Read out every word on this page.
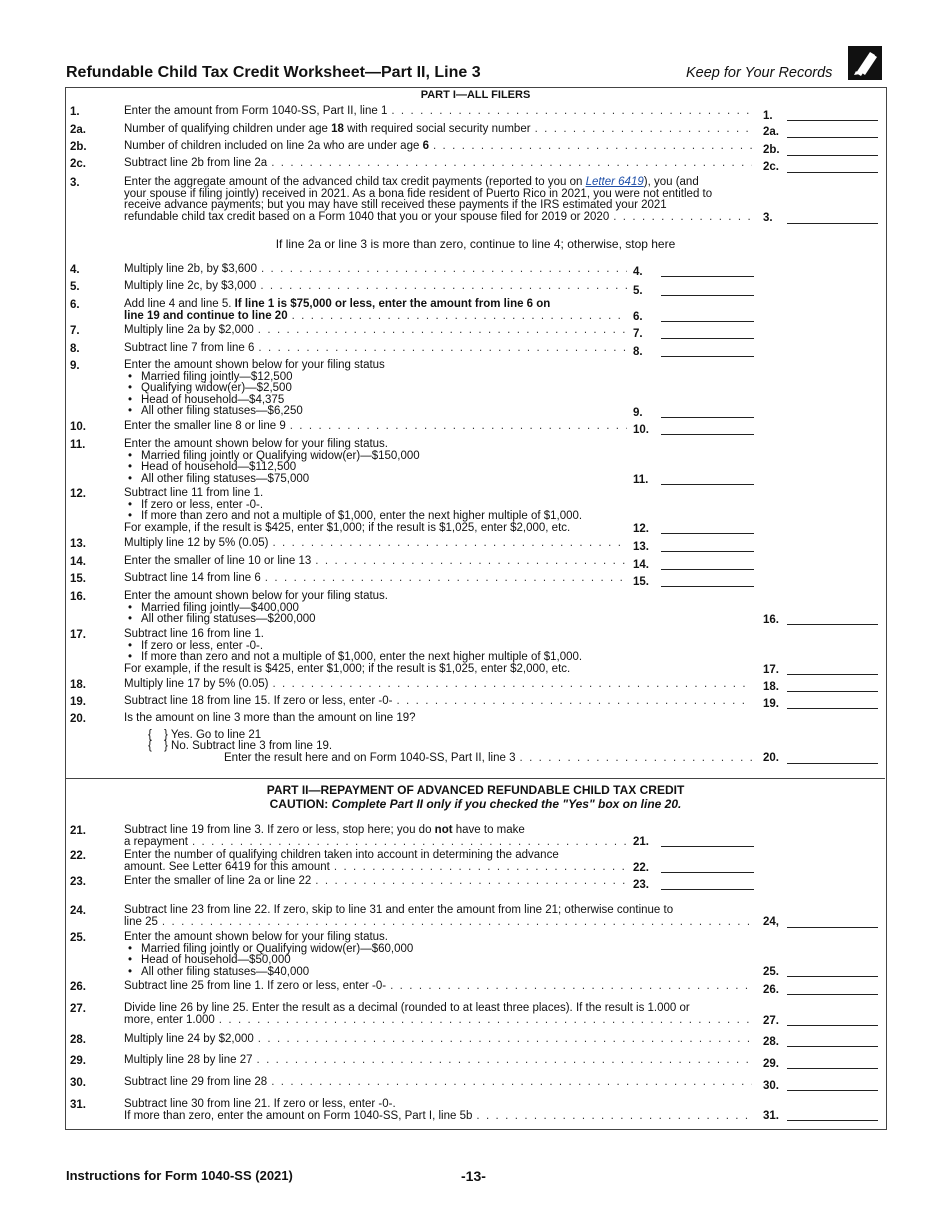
Refundable Child Tax Credit Worksheet—Part II, Line 3	Keep for Your Records
PART I—ALL FILERS
1.	Enter the amount from Form 1040-SS, Part II, line 1 . . .	1.
2a.	Number of qualifying children under age 18 with required social security number . . .	2a.
2b.	Number of children included on line 2a who are under age 6 . . .	2b.
2c.	Subtract line 2b from line 2a . . .	2c.
3.	Enter the aggregate amount of the advanced child tax credit payments (reported to you on Letter 6419), you (and
your spouse if filing jointly) received in 2021. As a bona fide resident of Puerto Rico in 2021, you were not entitled to
receive advance payments; but you may have still received these payments if the IRS estimated your 2021
refundable child tax credit based on a Form 1040 that you or your spouse filed for 2019 or 2020 . . .	3.
If line 2a or line 3 is more than zero, continue to line 4; otherwise, stop here
4.	Multiply line 2b, by $3,600 . . .	4.
5.	Multiply line 2c, by $3,000 . . .	5.
6.	Add line 4 and line 5. If line 1 is $75,000 or less, enter the amount from line 6 on
line 19 and continue to line 20 . . .	6.
7.	Multiply line 2a by $2,000 . . .	7.
8.	Subtract line 7 from line 6 . . .	8.
9.	Enter the amount shown below for your filing status
• Married filing jointly—$12,500
• Qualifying widow(er)—$2,500
• Head of household—$4,375
• All other filing statuses—$6,250	9.
10.	Enter the smaller line 8 or line 9 . . .	10.
11.	Enter the amount shown below for your filing status.
• Married filing jointly or Qualifying widow(er)—$150,000
• Head of household—$112,500
• All other filing statuses—$75,000	11.
12.	Subtract line 11 from line 1.
• If zero or less, enter -0-.
• If more than zero and not a multiple of $1,000, enter the next higher multiple of $1,000.
For example, if the result is $425, enter $1,000; if the result is $1,025, enter $2,000, etc.	12.
13.	Multiply line 12 by 5% (0.05) . . .	13.
14.	Enter the smaller of line 10 or line 13 . . .	14.
15.	Subtract line 14 from line 6 . . .	15.
16.	Enter the amount shown below for your filing status.
• Married filing jointly—$400,000
• All other filing statuses—$200,000	16.
17.	Subtract line 16 from line 1.
• If zero or less, enter -0-.
• If more than zero and not a multiple of $1,000, enter the next higher multiple of $1,000.
For example, if the result is $425, enter $1,000; if the result is $1,025, enter $2,000, etc.	17.
18.	Multiply line 17 by 5% (0.05) . . .	18.
19.	Subtract line 18 from line 15. If zero or less, enter -0- . . .	19.
20.	Is the amount on line 3 more than the amount on line 19?
{ } Yes. Go to line 21
{ } No. Subtract line 3 from line 19.
Enter the result here and on Form 1040-SS, Part II, line 3 . . .	20.
PART II—REPAYMENT OF ADVANCED REFUNDABLE CHILD TAX CREDIT
CAUTION: Complete Part II only if you checked the "Yes" box on line 20.
21.	Subtract line 19 from line 3. If zero or less, stop here; you do not have to make
a repayment . . .	21.
22.	Enter the number of qualifying children taken into account in determining the advance
amount. See Letter 6419 for this amount . . .	22.
23.	Enter the smaller of line 2a or line 22 . . .	23.
24.	Subtract line 23 from line 22. If zero, skip to line 31 and enter the amount from line 21; otherwise continue to
line 25 . . .	24,
25.	Enter the amount shown below for your filing status.
• Married filing jointly or Qualifying widow(er)—$60,000
• Head of household—$50,000
• All other filing statuses—$40,000	25.
26.	Subtract line 25 from line 1. If zero or less, enter -0- . . .	26.
27.	Divide line 26 by line 25. Enter the result as a decimal (rounded to at least three places). If the result is 1.000 or
more, enter 1.000 . . .	27.
28.	Multiply line 24 by $2,000 . . .	28.
29.	Multiply line 28 by line 27 . . .	29.
30.	Subtract line 29 from line 28 . . .	30.
31.	Subtract line 30 from line 21. If zero or less, enter -0-.
If more than zero, enter the amount on Form 1040-SS, Part I, line 5b . . .	31.
Instructions for Form 1040-SS (2021)	-13-
